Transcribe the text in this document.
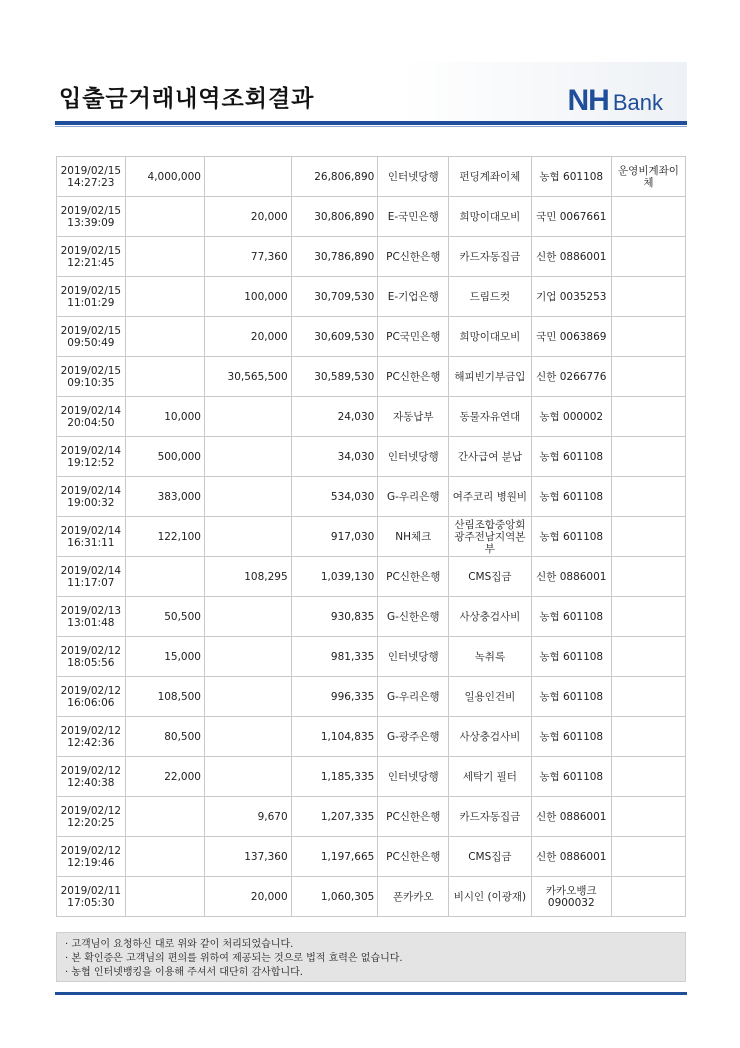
입출금거래내역조회결과	NH Bank
2019/02/15
14:27:23	4,000,000		26,806,890	인터넷당행	펀딩계좌이체	농협 601108	운영비계좌이체

2019/02/15
13:39:09		20,000	30,806,890	E-국민은행	희망이대모비	국민 0067661	

2019/02/15
12:21:45		77,360	30,786,890	PC신한은행	카드자동집금	신한 0886001	

2019/02/15
11:01:29		100,000	30,709,530	E-기업은행	드림드컷	기업 0035253	

2019/02/15
09:50:49		20,000	30,609,530	PC국민은행	희망이대모비	국민 0063869	

2019/02/15
09:10:35		30,565,500	30,589,530	PC신한은행	해피빈기부금입	신한 0266776	

2019/02/14
20:04:50	10,000		24,030	자동납부	동물자유연대	농협 000002	

2019/02/14
19:12:52	500,000		34,030	인터넷당행	간사급여 분납	농협 601108	

2019/02/14
19:00:32	383,000		534,030	G-우리은행	여주코리 병원비	농협 601108	

2019/02/14
16:31:11	122,100		917,030	NH체크	산림조합중앙회광주전남지역본부	농협 601108	

2019/02/14
11:17:07		108,295	1,039,130	PC신한은행	CMS집금	신한 0886001	

2019/02/13
13:01:48	50,500		930,835	G-신한은행	사상충검사비	농협 601108	

2019/02/12
18:05:56	15,000		981,335	인터넷당행	녹취록	농협 601108	

2019/02/12
16:06:06	108,500		996,335	G-우리은행	일용인건비	농협 601108	

2019/02/12
12:42:36	80,500		1,104,835	G-광주은행	사상충검사비	농협 601108	

2019/02/12
12:40:38	22,000		1,185,335	인터넷당행	세탁기 필터	농협 601108	

2019/02/12
12:20:25		9,670	1,207,335	PC신한은행	카드자동집금	신한 0886001	

2019/02/12
12:19:46		137,360	1,197,665	PC신한은행	CMS집금	신한 0886001	

2019/02/11
17:05:30		20,000	1,060,305	폰카카오	비시인 (이광재)	카카오뱅크 0900032	
· 고객님이 요청하신 대로 위와 같이 처리되었습니다.
· 본 확인증은 고객님의 편의를 위하여 제공되는 것으로 법적 효력은 없습니다.
· 농협 인터넷뱅킹을 이용해 주셔서 대단히 감사합니다.
